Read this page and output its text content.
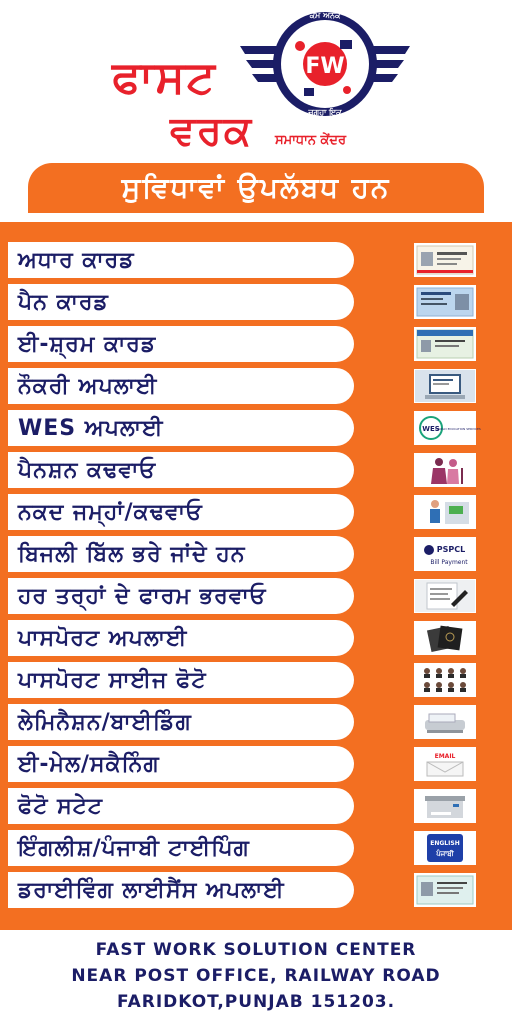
ਫਾਸਟ
ਵਰਕ ਸਮਾਧਾਨ ਕੇਂਦਰ
ਕੰਮ ਅਨੇਕ
ਜਗ੍ਹਾ ਇਕ
FW
ਸੁਵਿਧਾਵਾਂ ਉਪਲੱਬਧ ਹਨ
ਅਧਾਰ ਕਾਰਡ
ਪੈਨ ਕਾਰਡ
ਈ-ਸ਼੍ਰਮ ਕਾਰਡ
ਨੌਕਰੀ ਅਪਲਾਈ
WES ਅਪਲਾਈ	WES
WORLD EDUCATION SERVICES
ਪੈਨਸ਼ਨ ਕਢਵਾਓ
ਨਕਦ ਜਮ੍ਹਾਂ/ਕਢਵਾਓ
ਬਿਜਲੀ ਬਿੱਲ ਭਰੇ ਜਾਂਦੇ ਹਨ	PSPCL
Bill Payment
ਹਰ ਤਰ੍ਹਾਂ ਦੇ ਫਾਰਮ ਭਰਵਾਓ
ਪਾਸਪੋਰਟ ਅਪਲਾਈ
ਪਾਸਪੋਰਟ ਸਾਈਜ ਫੋਟੋ
ਲੇਮਿਨੈਸ਼ਨ/ਬਾਈਡਿੰਗ
ਈ-ਮੇਲ/ਸਕੈਨਿੰਗ	EMAIL
ਫੋਟੋ ਸਟੇਟ
ਇੰਗਲੀਸ਼/ਪੰਜਾਬੀ ਟਾਈਪਿੰਗ	ENGLISH
ਪੰਜਾਬੀ
ਡਰਾਈਵਿੰਗ ਲਾਈਸੈਂਸ ਅਪਲਾਈ
FAST WORK SOLUTION CENTER
NEAR POST OFFICE, RAILWAY ROAD
FARIDKOT,PUNJAB 151203.
